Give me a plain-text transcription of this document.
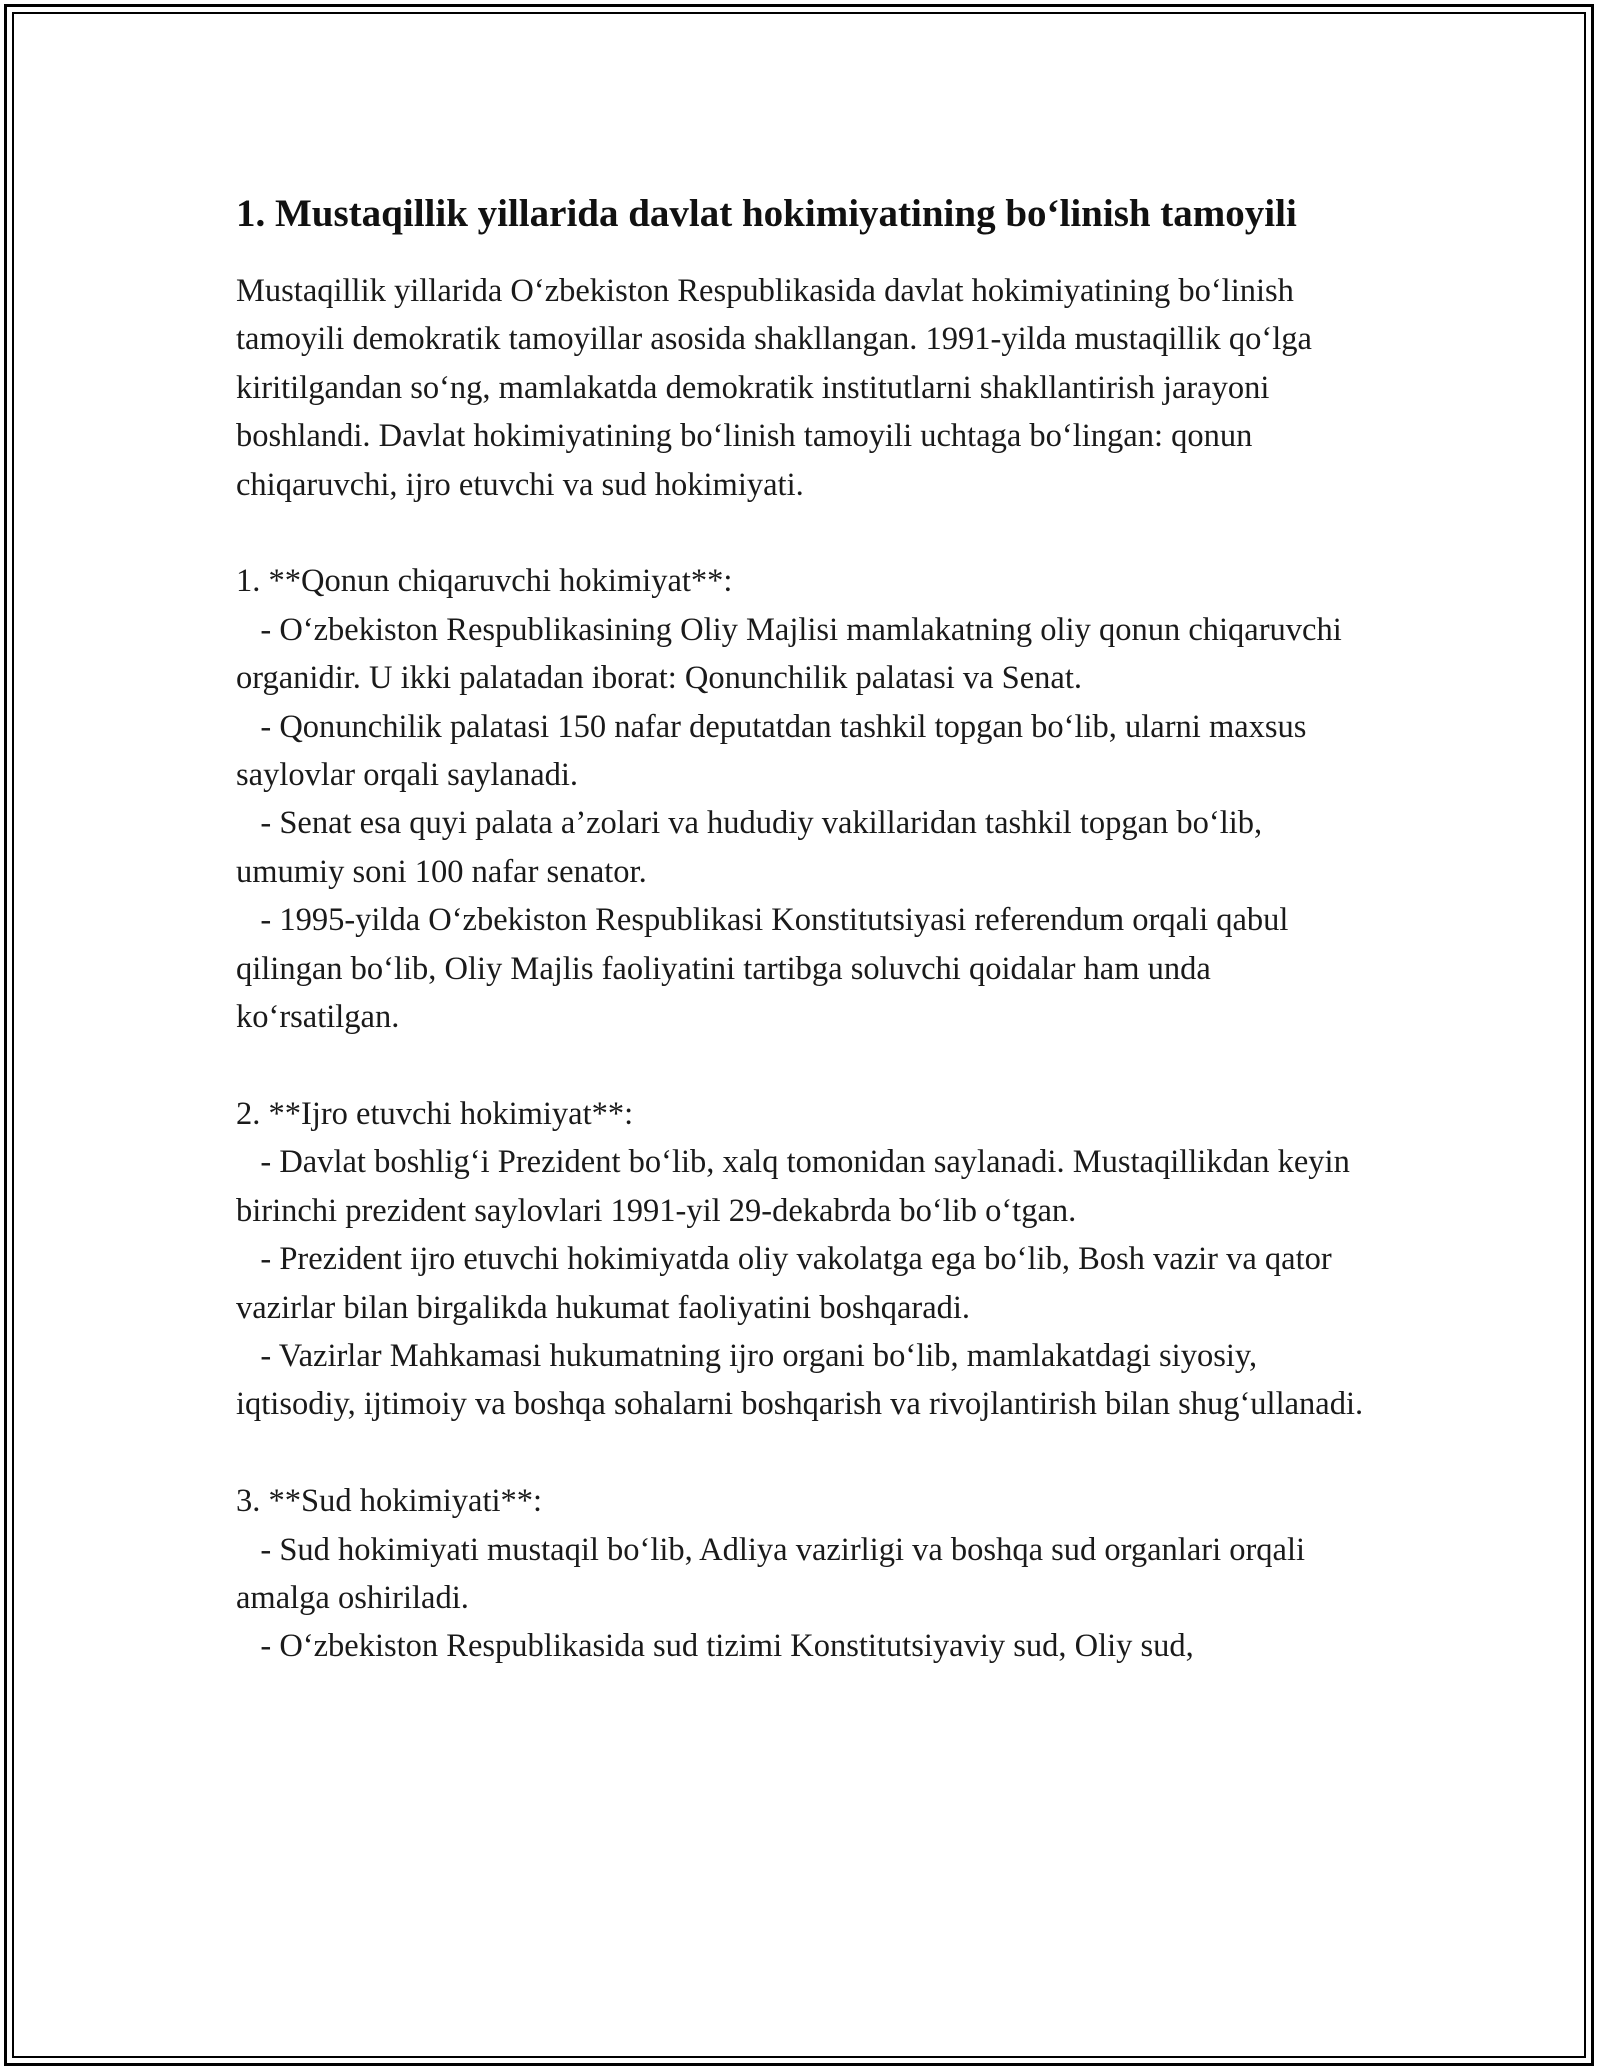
1. Mustaqillik yillarida davlat hokimiyatining bo‘linish tamoyili

Mustaqillik yillarida O‘zbekiston Respublikasida davlat hokimiyatining bo‘linish tamoyili demokratik tamoyillar asosida shakllangan. 1991-yilda mustaqillik qo‘lga kiritilgandan so‘ng, mamlakatda demokratik institutlarni shakllantirish jarayoni boshlandi. Davlat hokimiyatining bo‘linish tamoyili uchtaga bo‘lingan: qonun chiqaruvchi, ijro etuvchi va sud hokimiyati.

1. **Qonun chiqaruvchi hokimiyat**:

- O‘zbekiston Respublikasining Oliy Majlisi mamlakatning oliy qonun chiqaruvchi organidir. U ikki palatadan iborat: Qonunchilik palatasi va Senat.

- Qonunchilik palatasi 150 nafar deputatdan tashkil topgan bo‘lib, ularni maxsus saylovlar orqali saylanadi.

- Senat esa quyi palata a’zolari va hududiy vakillaridan tashkil topgan bo‘lib, umumiy soni 100 nafar senator.

- 1995-yilda O‘zbekiston Respublikasi Konstitutsiyasi referendum orqali qabul qilingan bo‘lib, Oliy Majlis faoliyatini tartibga soluvchi qoidalar ham unda ko‘rsatilgan.

2. **Ijro etuvchi hokimiyat**:

- Davlat boshlig‘i Prezident bo‘lib, xalq tomonidan saylanadi. Mustaqillikdan keyin birinchi prezident saylovlari 1991-yil 29-dekabrda bo‘lib o‘tgan.

- Prezident ijro etuvchi hokimiyatda oliy vakolatga ega bo‘lib, Bosh vazir va qator vazirlar bilan birgalikda hukumat faoliyatini boshqaradi.

- Vazirlar Mahkamasi hukumatning ijro organi bo‘lib, mamlakatdagi siyosiy, iqtisodiy, ijtimoiy va boshqa sohalarni boshqarish va rivojlantirish bilan shug‘ullanadi.

3. **Sud hokimiyati**:

- Sud hokimiyati mustaqil bo‘lib, Adliya vazirligi va boshqa sud organlari orqali amalga oshiriladi.

- O‘zbekiston Respublikasida sud tizimi Konstitutsiyaviy sud, Oliy sud,
